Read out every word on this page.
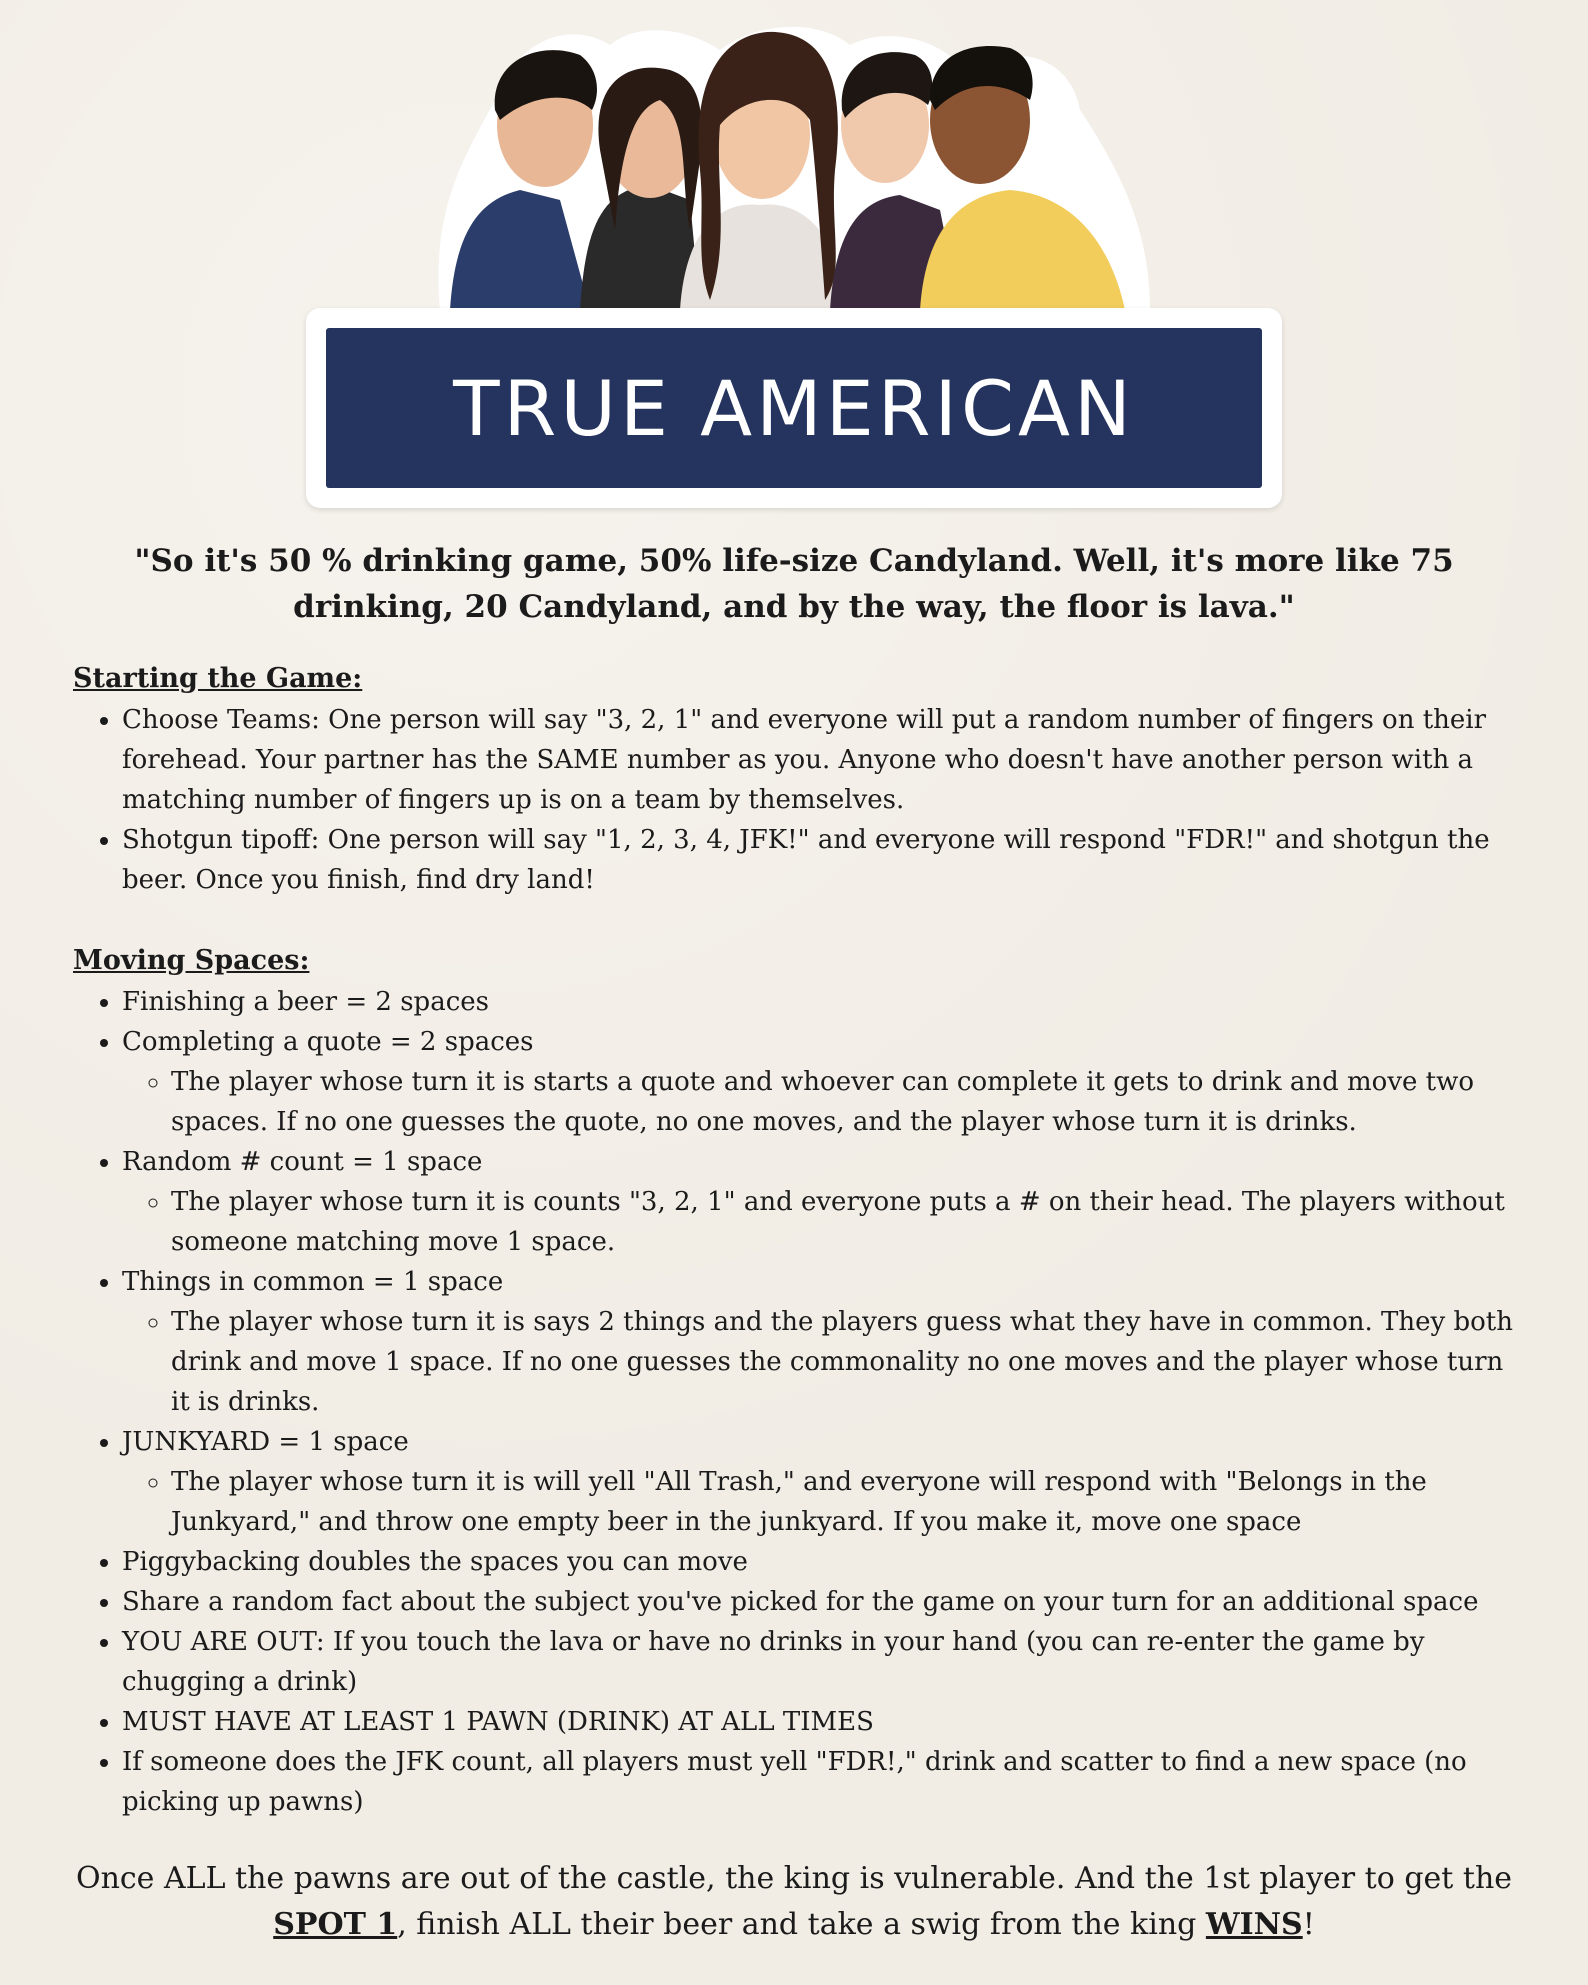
TRUE AMERICAN
"So it's 50 % drinking game, 50% life-size Candyland. Well, it's more like 75 drinking, 20 Candyland, and by the way, the floor is lava."

Starting the Game:

• Choose Teams: One person will say "3, 2, 1" and everyone will put a random number of fingers on their forehead. Your partner has the SAME number as you. Anyone who doesn't have another person with a matching number of fingers up is on a team by themselves.
• Shotgun tipoff: One person will say "1, 2, 3, 4, JFK!" and everyone will respond "FDR!" and shotgun the beer. Once you finish, find dry land!

Moving Spaces:

• Finishing a beer = 2 spaces
• Completing a quote = 2 spaces
◦ The player whose turn it is starts a quote and whoever can complete it gets to drink and move two spaces. If no one guesses the quote, no one moves, and the player whose turn it is drinks.
• Random # count = 1 space
◦ The player whose turn it is counts "3, 2, 1" and everyone puts a # on their head. The players without someone matching move 1 space.
• Things in common = 1 space
◦ The player whose turn it is says 2 things and the players guess what they have in common. They both drink and move 1 space. If no one guesses the commonality no one moves and the player whose turn it is drinks.
• JUNKYARD = 1 space
◦ The player whose turn it is will yell "All Trash," and everyone will respond with "Belongs in the Junkyard," and throw one empty beer in the junkyard. If you make it, move one space
• Piggybacking doubles the spaces you can move
• Share a random fact about the subject you've picked for the game on your turn for an additional space
• YOU ARE OUT: If you touch the lava or have no drinks in your hand (you can re-enter the game by chugging a drink)
• MUST HAVE AT LEAST 1 PAWN (DRINK) AT ALL TIMES
• If someone does the JFK count, all players must yell "FDR!," drink and scatter to find a new space (no picking up pawns)
Once ALL the pawns are out of the castle, the king is vulnerable. And the 1st player to get the SPOT 1, finish ALL their beer and take a swig from the king WINS!
